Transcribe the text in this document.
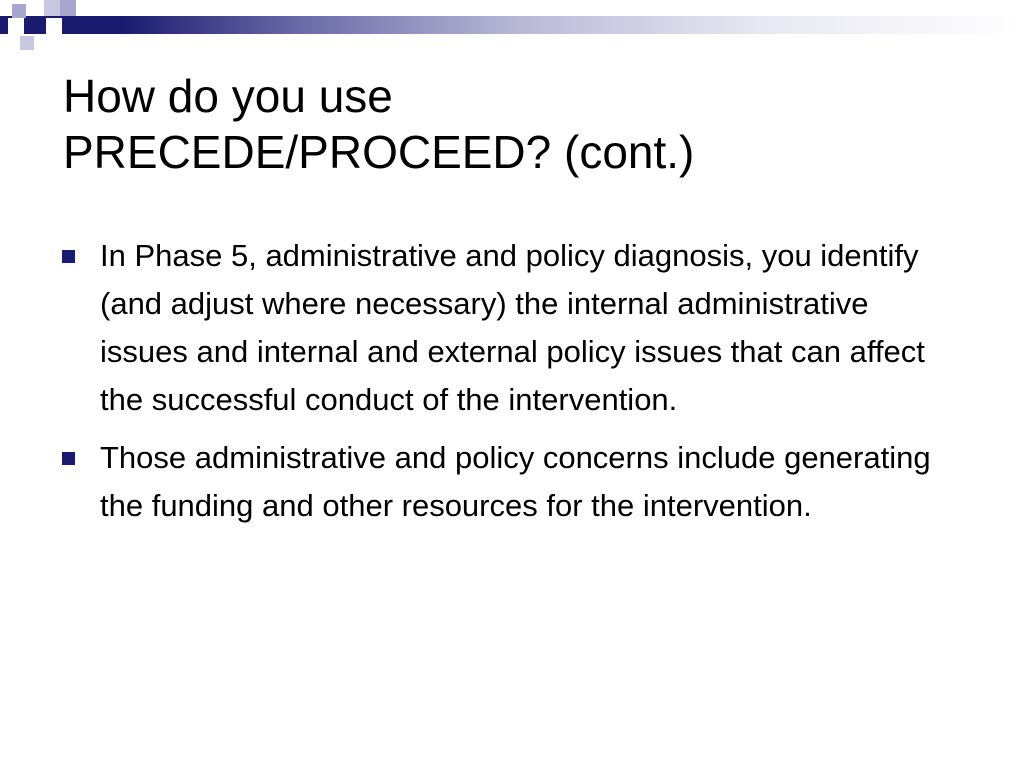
How do you use
PRECEDE/PROCEED? (cont.)
In Phase 5, administrative and policy diagnosis, you identify (and adjust where necessary) the internal administrative issues and internal and external policy issues that can affect the successful conduct of the intervention.
Those administrative and policy concerns include generating the funding and other resources for the intervention.
